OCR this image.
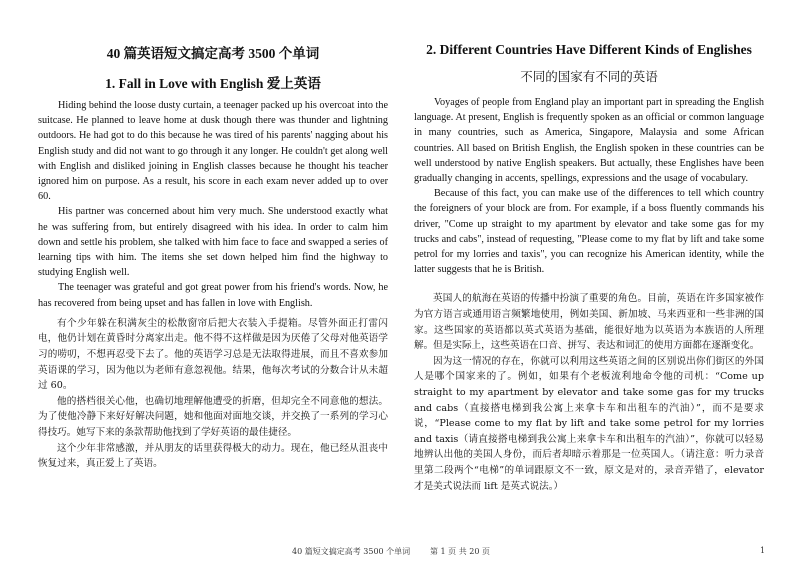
40 篇英语短文搞定高考 3500 个单词
1. Fall in Love with English 爱上英语

Hiding behind the loose dusty curtain, a teenager packed up his overcoat into the suitcase. He planned to leave home at dusk though there was thunder and lightning outdoors. He had got to do this because he was tired of his parents' nagging about his English study and did not want to go through it any longer. He couldn't get along well with English and disliked joining in English classes because he thought his teacher ignored him on purpose. As a result, his score in each exam never added up to over 60.

His partner was concerned about him very much. She understood exactly what he was suffering from, but entirely disagreed with his idea. In order to calm him down and settle his problem, she talked with him face to face and swapped a series of learning tips with him. The items she set down helped him find the highway to studying English well.

The teenager was grateful and got great power from his friend's words. Now, he has recovered from being upset and has fallen in love with English.

有个少年躲在积满灰尘的松散窗帘后把大衣装入手提箱。尽管外面正打雷闪电，他仍计划在黄昏时分离家出走。他不得不这样做是因为厌倦了父母对他英语学习的唠叨，不想再忍受下去了。他的英语学习总是无法取得进展，而且不喜欢参加英语课的学习，因为他以为老师有意忽视他。结果，他每次考试的分数合计从未超过 60。

他的搭档很关心他，也确切地理解他遭受的折磨，但却完全不同意他的想法。为了使他冷静下来好好解决问题，她和他面对面地交谈，并交换了一系列的学习心得技巧。她写下来的条款帮助他找到了学好英语的最佳捷径。

这个少年非常感激，并从朋友的话里获得极大的动力。现在，他已经从沮丧中恢复过来，真正爱上了英语。

2. Different Countries Have Different Kinds of Englishes
不同的国家有不同的英语

Voyages of people from England play an important part in spreading the English language. At present, English is frequently spoken as an official or common language in many countries, such as America, Singapore, Malaysia and some African countries. All based on British English, the English spoken in these countries can be well understood by native English speakers. But actually, these Englishes have been gradually changing in accents, spellings, expressions and the usage of vocabulary.

Because of this fact, you can make use of the differences to tell which country the foreigners of your block are from. For example, if a boss fluently commands his driver, "Come up straight to my apartment by elevator and take some gas for my trucks and cabs", instead of requesting, "Please come to my flat by lift and take some petrol for my lorries and taxis", you can recognize his American identity, while the latter suggests that he is British.

英国人的航海在英语的传播中扮演了重要的角色。目前，英语在许多国家被作为官方语言或通用语言频繁地使用，例如美国、新加坡、马来西亚和一些非洲的国家。这些国家的英语都以英式英语为基础，能很好地为以英语为本族语的人所理解。但是实际上，这些英语在口音、拼写、表达和词汇的使用方面都在逐渐变化。

因为这一情况的存在，你就可以利用这些英语之间的区别说出你们街区的外国人是哪个国家来的了。例如，如果有个老板流利地命令他的司机：“Come up straight to my apartment by elevator and take some gas for my trucks and cabs（直接搭电梯到我公寓上来拿卡车和出租车的汽油）”，而不是要求说，“Please come to my flat by lift and take some petrol for my lorries and taxis（请直接搭电梯到我公寓上来拿卡车和出租车的汽油）”，你就可以轻易地辨认出他的美国人身份，而后者却暗示着那是一位英国人。（请注意：听力录音里第二段两个“电梯”的单词跟原文不一致，原文是对的，录音弄错了，elevator 才是美式说法而 lift 是英式说法。）

40 篇短文搞定高考 3500 个单词 第 1 页 共 20 页	1
